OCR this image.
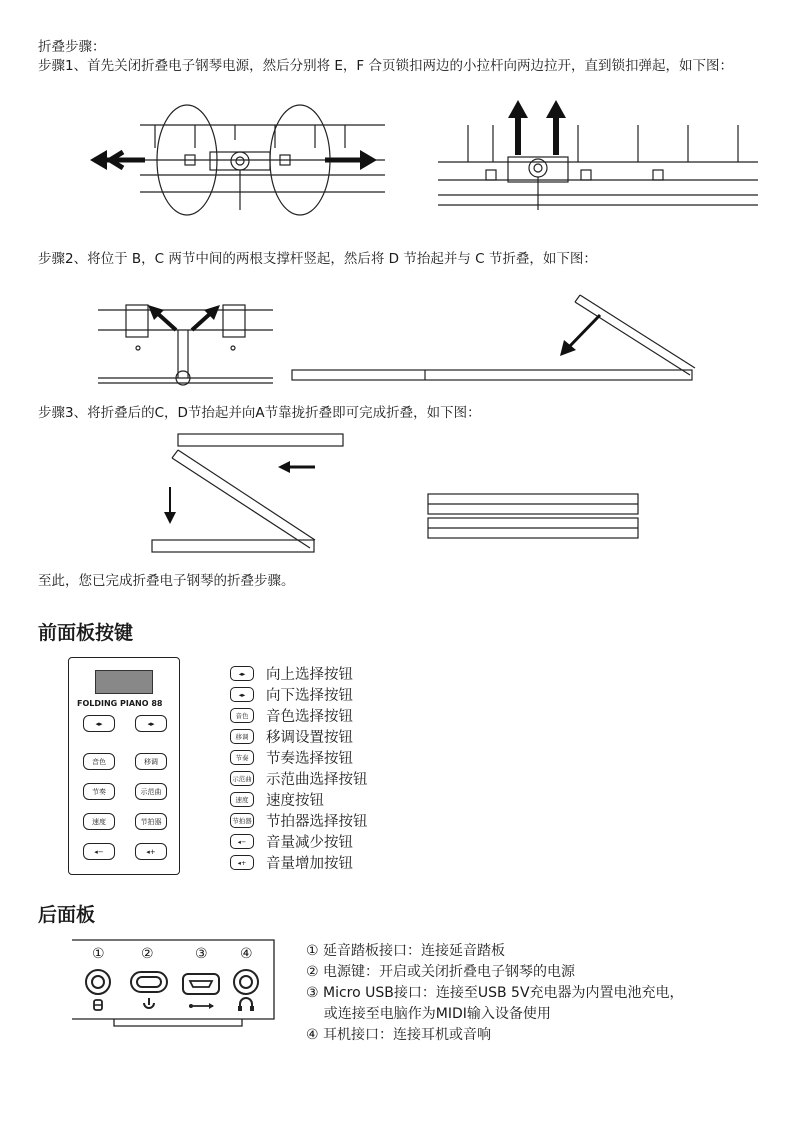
折叠步骤：
步骤1、首先关闭折叠电子钢琴电源，然后分别将 E，F 合页锁扣两边的小拉杆向两边拉开，直到锁扣弹起，如下图：
步骤2、将位于 B，C 两节中间的两根支撑杆竖起，然后将 D 节抬起并与 C 节折叠，如下图：
步骤3、将折叠后的C，D节抬起并向A节靠拢折叠即可完成折叠，如下图：
至此，您已完成折叠电子钢琴的折叠步骤。
前面板按键
FOLDING PIANO 88
◂▸	◂▸
音色	移调
节奏	示范曲
速度	节拍器
◂−	◂+
◂▸	向上选择按钮
◂▸	向下选择按钮
音色	音色选择按钮
移调	移调设置按钮
节奏	节奏选择按钮
示范曲 示范曲选择按钮
速度	速度按钮
节拍器 节拍器选择按钮
◂−	音量减少按钮
◂+	音量增加按钮
后面板
①	②	③ ④	① 延音踏板接口：连接延音踏板
② 电源键：开启或关闭折叠电子钢琴的电源
③ Micro USB接口：连接至USB 5V充电器为内置电池充电，
或连接至电脑作为MIDI输入设备使用
④ 耳机接口：连接耳机或音响
